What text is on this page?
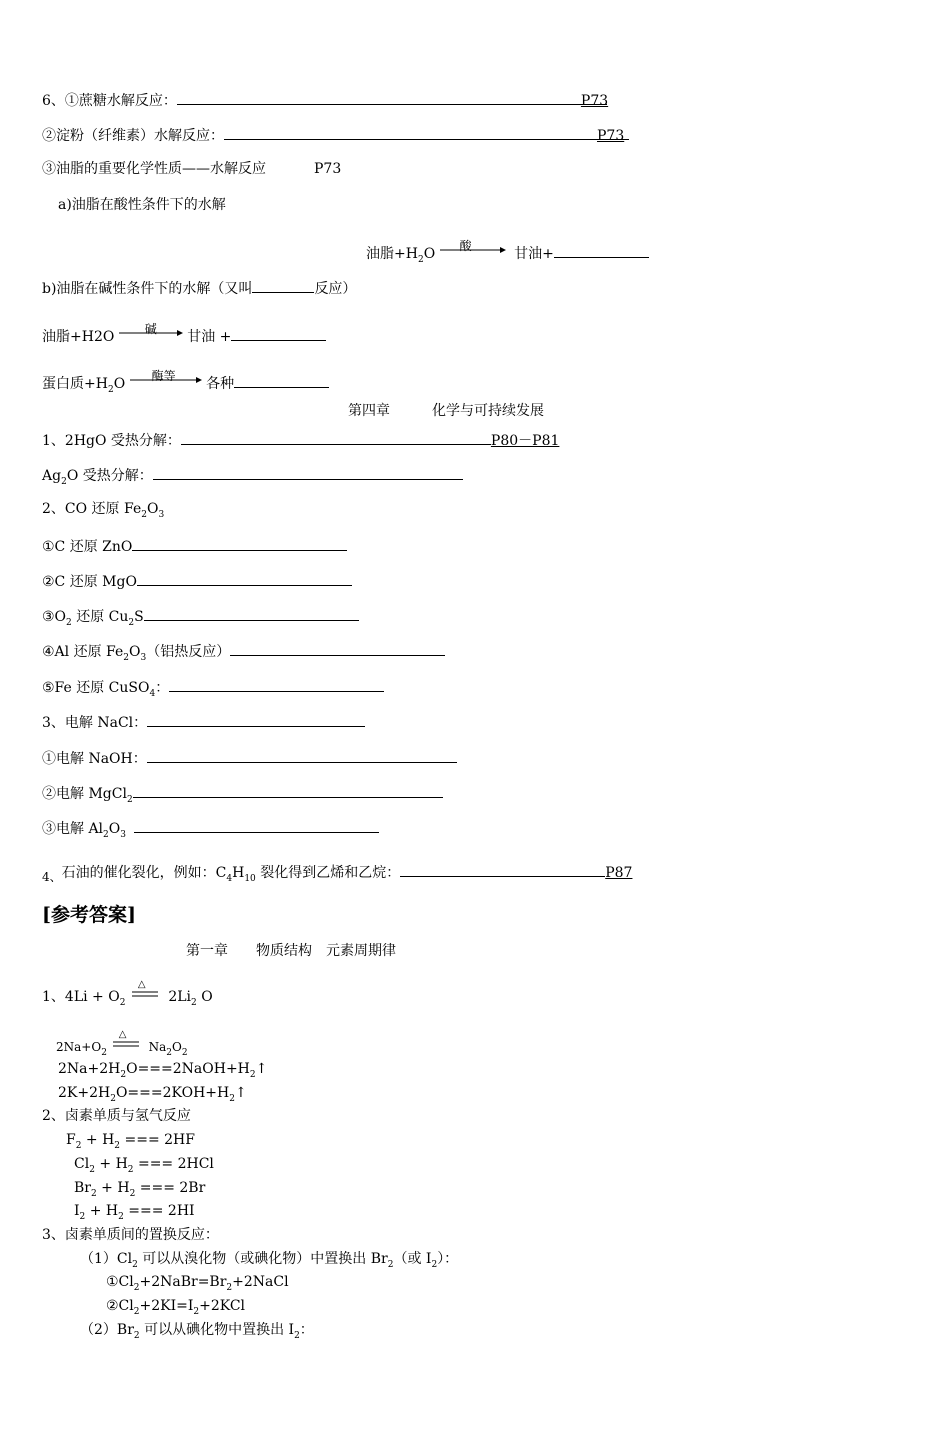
6、①蔗糖水解反应：	P73
②淀粉（纤维素）水解反应：	P73
③油脂的重要化学性质——水解反应	P73
a)油脂在酸性条件下的水解
油脂$+H_2O$ 酸	甘油+
b)油脂在碱性条件下的水解（又叫	反应）
油脂+H2O	碱 甘油 +
蛋白质$+H_2O$ 酶等 各种
第四章　　　化学与可持续发展
1、2HgO 受热分解：	P80－P81
$Ag_2O$ 受热分解：
2、CO 还原 $Fe_2O_3$
①C 还原 ZnO
②C 还原 MgO
$③O_2$ 还原 $Cu_2S$
④Al 还原 $Fe_2O_3$（铝热反应）
⑤Fe 还原 CuSO$_4$：
3、电解 NaCl：
①电解 NaOH：
②电解 MgCl$_2$
③电解 $Al_2O_3$
4、石油的催化裂化，例如：$C_4H_{10}$ 裂化得到乙烯和乙烷：	P87
[参考答案]
第一章　　物质结构　元素周期律
1、$4Li + O_2$
△
$2Li_2$ O
$2Na+O_2$
△
$Na_2O_2$
$2Na+2H_2O===2NaOH+H_2↑$
$2K+2H_2O===2KOH+H_2↑$
2、卤素单质与氢气反应
$F_2 + H_2$ === 2HF
$Cl_2 + H_2$ === 2HCl
$Br_2 + H_2$ === 2Br
$I_2 + H_2$ === 2HI
3、卤素单质间的置换反应：
$(1)Cl_2$ 可以从溴化物（或碘化物）中置换出 $Br_2$（或 $I_2$）：
$①Cl_2+2NaBr=Br_2+2NaCl$
$②Cl_2+2KI=I_2+2KCl$
$(2)Br_2$ 可以从碘化物中置换出 $I_2$：
